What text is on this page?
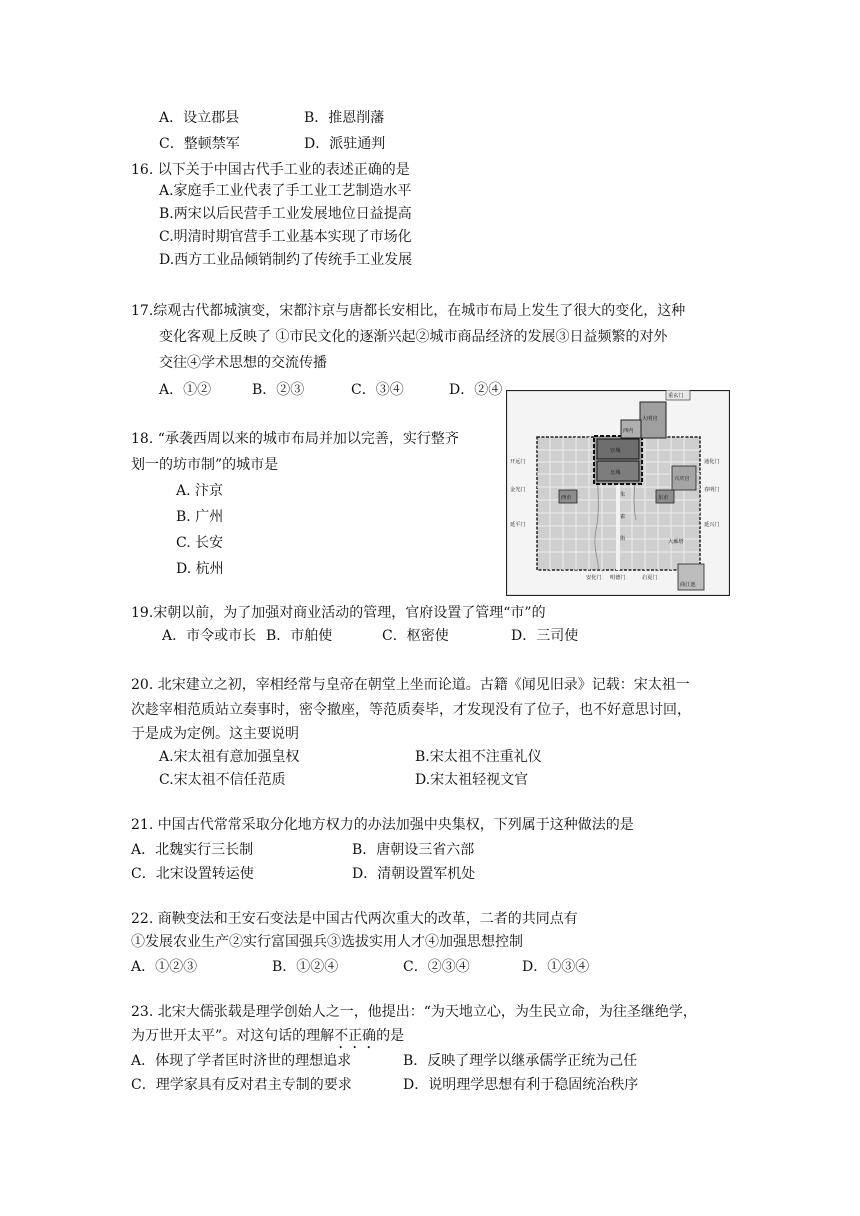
A．设立郡县	B．推恩削藩
C．整顿禁军	D．派驻通判
16. 以下关于中国古代手工业的表述正确的是
A.家庭手工业代表了手工业工艺制造水平
B.两宋以后民营手工业发展地位日益提高
C.明清时期官营手工业基本实现了市场化
D.西方工业品倾销制约了传统手工业发展
17.综观古代都城演变，宋都汴京与唐都长安相比，在城市布局上发生了很大的变化，这种
变化客观上反映了 ①市民文化的逐渐兴起②城市商品经济的发展③日益频繁的对外
交往④学术思想的交流传播
A．①②	B．②③	C．③④	D．②④
18. “承袭西周以来的城市布局并加以完善，实行整齐
划一的坊市制”的城市是
A. 汴京
B. 广州
C. 长安
D. 杭州
重玄门
西内
大明宫
宫城
皇城
西市	东市
兴庆宫
大雁塔
开远门
金光门
延平门
通化门
春明门
延兴门
安化门 明德门	启夏门
朱
雀
街
曲江池
19.宋朝以前，为了加强对商业活动的管理，官府设置了管理“市”的
A．市令或市长 B．市舶使	C．枢密使	D．三司使
20. 北宋建立之初，宰相经常与皇帝在朝堂上坐而论道。古籍《闻见旧录》记载：宋太祖一
次趁宰相范质站立奏事时，密令撤座，等范质奏毕，才发现没有了位子，也不好意思讨回，
于是成为定例。这主要说明
A.宋太祖有意加强皇权	B.宋太祖不注重礼仪
C.宋太祖不信任范质	D.宋太祖轻视文官
21. 中国古代常常采取分化地方权力的办法加强中央集权，下列属于这种做法的是
A．北魏实行三长制	B．唐朝设三省六部
C．北宋设置转运使	D．清朝设置军机处
22. 商鞅变法和王安石变法是中国古代两次重大的改革，二者的共同点有
①发展农业生产②实行富国强兵③选拔实用人才④加强思想控制
A．①②③	B．①②④	C．②③④	D．①③④
23. 北宋大儒张载是理学创始人之一，他提出：“为天地立心，为生民立命，为往圣继绝学，
为万世开太平”。对这句话的理解不正确的是
A．体现了学者匡时济世的理想追求	B．反映了理学以继承儒学正统为己任
C．理学家具有反对君主专制的要求	D．说明理学思想有利于稳固统治秩序
